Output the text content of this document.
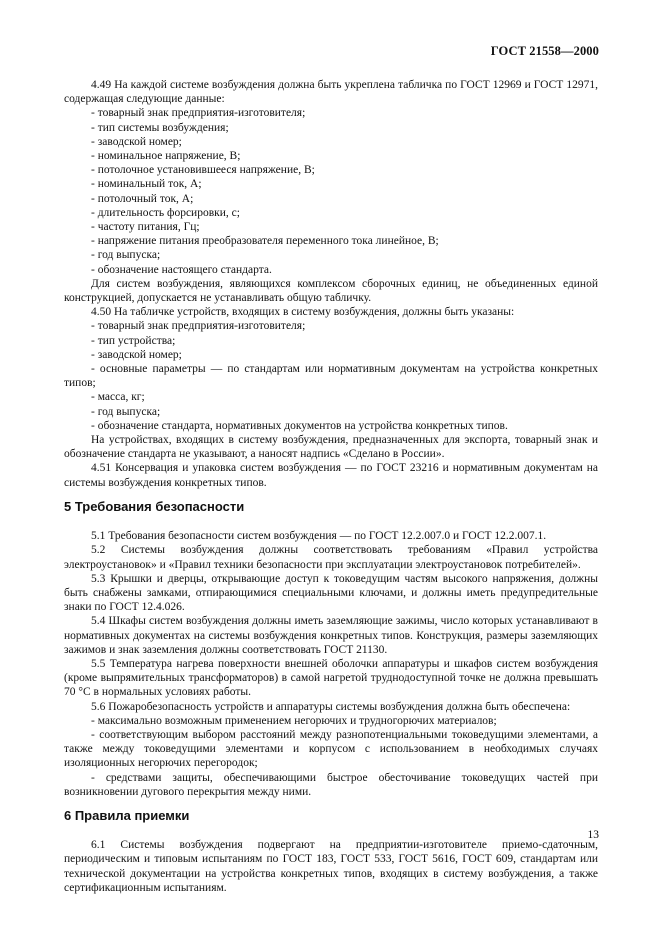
ГОСТ 21558—2000

4.49 На каждой системе возбуждения должна быть укреплена табличка по ГОСТ 12969 и ГОСТ 12971, содержащая следующие данные:

- товарный знак предприятия-изготовителя;

- тип системы возбуждения;

- заводской номер;

- номинальное напряжение, В;

- потолочное установившееся напряжение, В;

- номинальный ток, А;

- потолочный ток, А;

- длительность форсировки, с;

- частоту питания, Гц;

- напряжение питания преобразователя переменного тока линейное, В;

- год выпуска;

- обозначение настоящего стандарта.

Для систем возбуждения, являющихся комплексом сборочных единиц, не объединенных единой конструкцией, допускается не устанавливать общую табличку.

4.50 На табличке устройств, входящих в систему возбуждения, должны быть указаны:

- товарный знак предприятия-изготовителя;

- тип устройства;

- заводской номер;

- основные параметры — по стандартам или нормативным документам на устройства конкретных типов;

- масса, кг;

- год выпуска;

- обозначение стандарта, нормативных документов на устройства конкретных типов.

На устройствах, входящих в систему возбуждения, предназначенных для экспорта, товарный знак и обозначение стандарта не указывают, а наносят надпись «Сделано в России».

4.51 Консервация и упаковка систем возбуждения — по ГОСТ 23216 и нормативным документам на системы возбуждения конкретных типов.

5 Требования безопасности

5.1 Требования безопасности систем возбуждения — по ГОСТ 12.2.007.0 и ГОСТ 12.2.007.1.

5.2 Системы возбуждения должны соответствовать требованиям «Правил устройства электроустановок» и «Правил техники безопасности при эксплуатации электроустановок потребителей».

5.3 Крышки и дверцы, открывающие доступ к токоведущим частям высокого напряжения, должны быть снабжены замками, отпирающимися специальными ключами, и должны иметь предупредительные знаки по ГОСТ 12.4.026.

5.4 Шкафы систем возбуждения должны иметь заземляющие зажимы, число которых устанавливают в нормативных документах на системы возбуждения конкретных типов. Конструкция, размеры заземляющих зажимов и знак заземления должны соответствовать ГОСТ 21130.

5.5 Температура нагрева поверхности внешней оболочки аппаратуры и шкафов систем возбуждения (кроме выпрямительных трансформаторов) в самой нагретой труднодоступной точке не должна превышать 70 °С в нормальных условиях работы.

5.6 Пожаробезопасность устройств и аппаратуры системы возбуждения должна быть обеспечена:

- максимально возможным применением негорючих и трудногорючих материалов;

- соответствующим выбором расстояний между разнопотенциальными токоведущими элементами, а также между токоведущими элементами и корпусом с использованием в необходимых случаях изоляционных негорючих перегородок;

- средствами защиты, обеспечивающими быстрое обесточивание токоведущих частей при возникновении дугового перекрытия между ними.

6 Правила приемки

6.1 Системы возбуждения подвергают на предприятии-изготовителе приемо-сдаточным, периодическим и типовым испытаниям по ГОСТ 183, ГОСТ 533, ГОСТ 5616, ГОСТ 609, стандартам или технической документации на устройства конкретных типов, входящих в систему возбуждения, а также сертификационным испытаниям.

13
